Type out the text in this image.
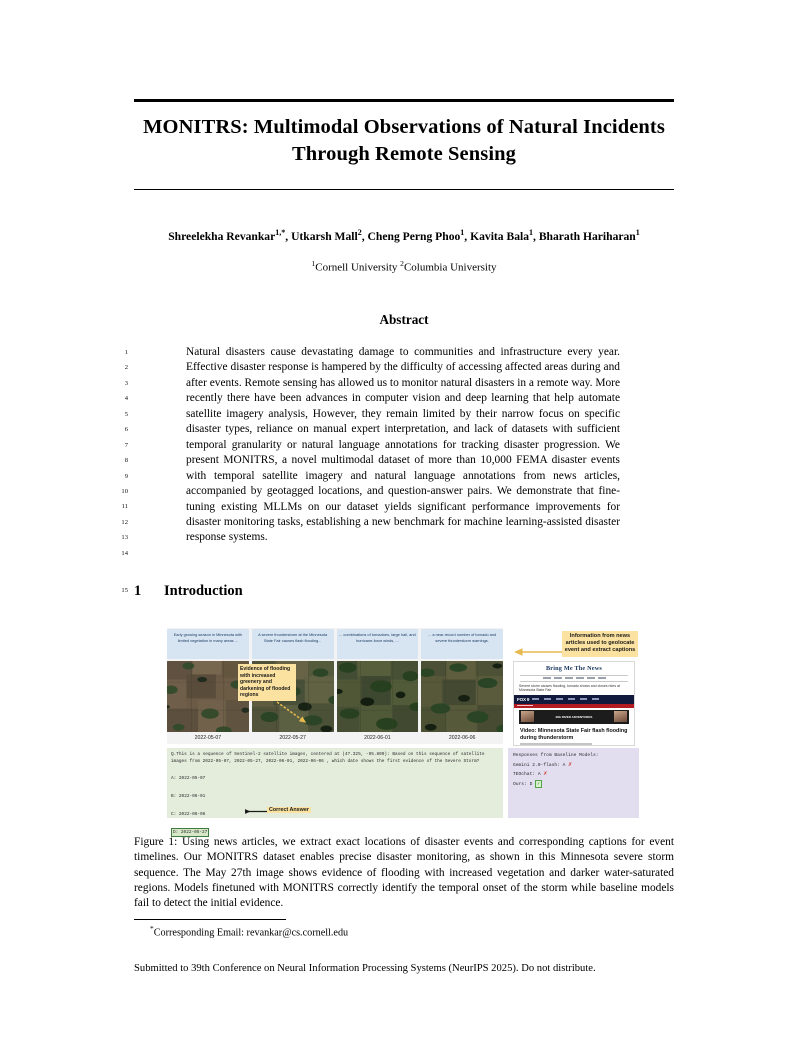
MONITRS: Multimodal Observations of Natural Incidents Through Remote Sensing
Shreelekha Revankar$^{1,*}$, Utkarsh Mall$^2$, Cheng Perng Phoo$^1$, Kavita Bala$^1$, Bharath Hariharan$^1$
$^1$Cornell University $^2$Columbia University
Abstract
1
2
3
4
5
6
7
8
9
10
11
12
13
14

Natural disasters cause devastating damage to communities and infrastructure every year. Effective disaster response is hampered by the difficulty of accessing affected areas during and after events. Remote sensing has allowed us to monitor natural disasters in a remote way. More recently there have been advances in computer vision and deep learning that help automate satellite imagery analysis, However, they remain limited by their narrow focus on specific disaster types, reliance on manual expert interpretation, and lack of datasets with sufficient temporal granularity or natural language annotations for tracking disaster progression. We present MONITRS, a novel multimodal dataset of more than 10,000 FEMA disaster events with temporal satellite imagery and natural language annotations from news articles, accompanied by geotagged locations, and question-answer pairs. We demonstrate that fine-tuning existing MLLMs on our dataset yields significant performance improvements for disaster monitoring tasks, establishing a new benchmark for machine learning-assisted disaster response systems.

15 1 Introduction
Early growing season in Minnesota with limited vegetation in many areas ...
A severe thunderstorm at the Minnesota State Fair causes flash flooding...
... combinations of tornadoes, large hail, and hurricane-force winds, ...
... a near-record number of tornado and severe thunderstorm warnings.
2022-05-07	2022-05-27	2022-06-01	2022-06-06
Evidence of flooding with increased greenery and darkening of flooded regions
Information from news articles used to geolocate event and extract captions
Bring Me The News
Severe storm causes flooding, tornado shows and closes rides at Minnesota State Fair
FOX 9
BIG RIVER ADVENTURES
Video: Minnesota State Fair flash flooding during thunderstorm
Q.This is a sequence of Sentinel-2 satellite images, centered at (47.325, -95.809): Based on this sequence of satellite images from 2022-05-07, 2022-05-27, 2022-06-01, 2022-06-06 , which date shows the first evidence of the Severe Storm?
A: 2022-05-07
B: 2022-06-01
C: 2022-06-06
D: 2022-05-27
Correct Answer
Responses from Baseline Models:
Gemini 2.0-flash: A ✗
TEOchat: A ✗
Ours: D ✓
Figure 1: Using news articles, we extract exact locations of disaster events and corresponding captions for event timelines. Our MONITRS dataset enables precise disaster monitoring, as shown in this Minnesota severe storm sequence. The May 27th image shows evidence of flooding with increased vegetation and darker water-saturated regions. Models finetuned with MONITRS correctly identify the temporal onset of the storm while baseline models fail to detect the initial evidence.
*Corresponding Email: revankar@cs.cornell.edu
Submitted to 39th Conference on Neural Information Processing Systems (NeurIPS 2025). Do not distribute.
